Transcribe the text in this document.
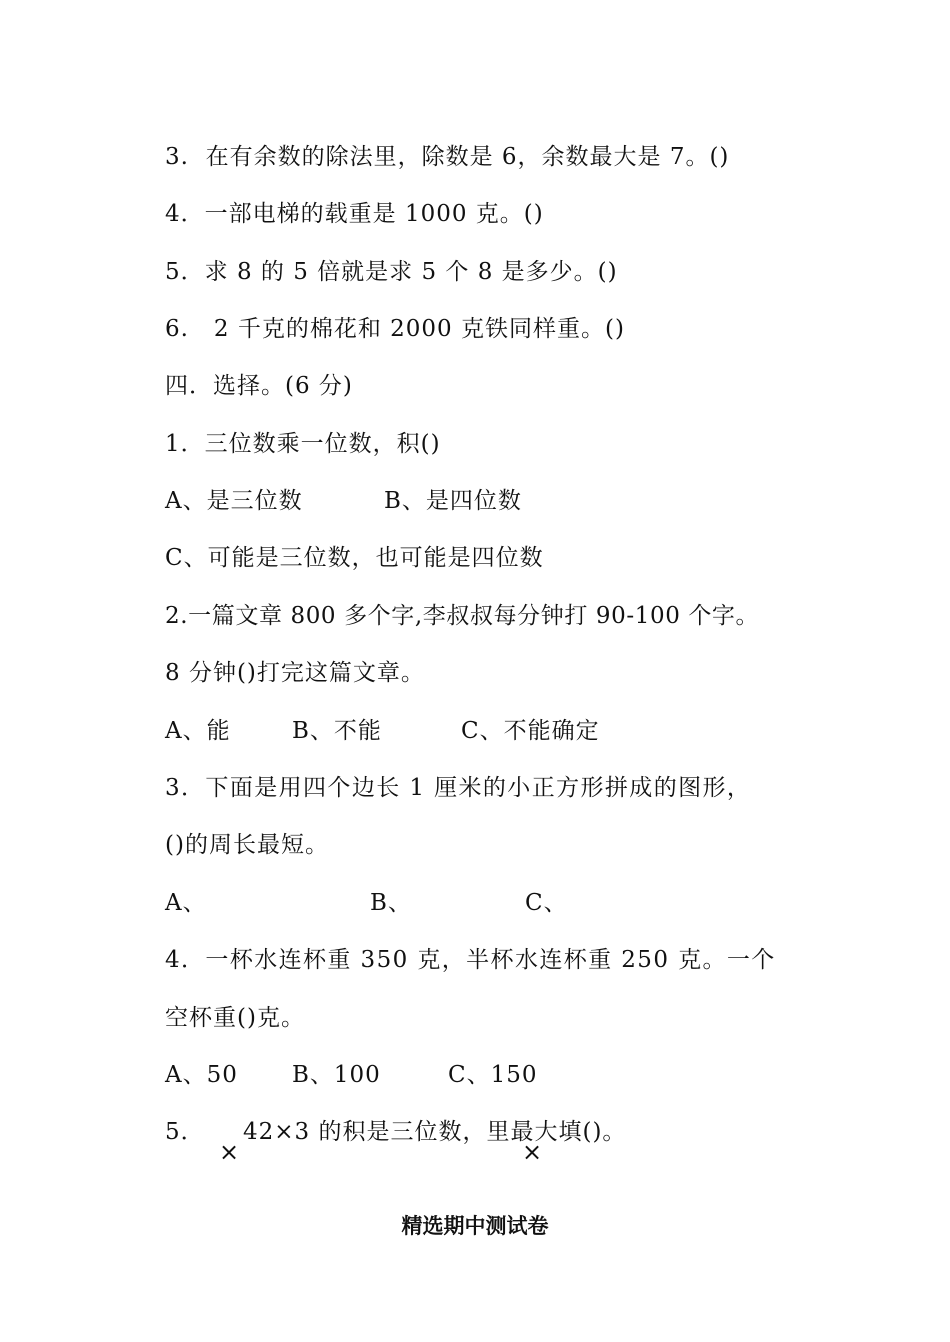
3.  在有余数的除法里，除数是 6，余数最大是 7。()
4．一部电梯的载重是 1000 克。()
5．求 8 的 5 倍就是求 5 个 8 是多少。()
6.   2 千克的棉花和 2000 克铁同样重。()
四．选择。(6 分)
1．三位数乘一位数，积()

A、是三位数

	B、是四位数

C、可能是三位数，也可能是四位数
2.一篇文章 800 多个字,李叔叔每分钟打 90-100 个字。
8 分钟()打完这篇文章。

A、能

	B、不能

	C、不能确定

3．下面是用四个边长 1 厘米的小正方形拼成的图形，
()的周长最短。

A、

	B、

	C、

4．一杯水连杯重 350 克，半杯水连杯重 250 克。一个
空杯重()克。

A、50

B、100

	C、150

5．

42×3 的积是三位数，里最大填()。

×	×
精选期中测试卷
